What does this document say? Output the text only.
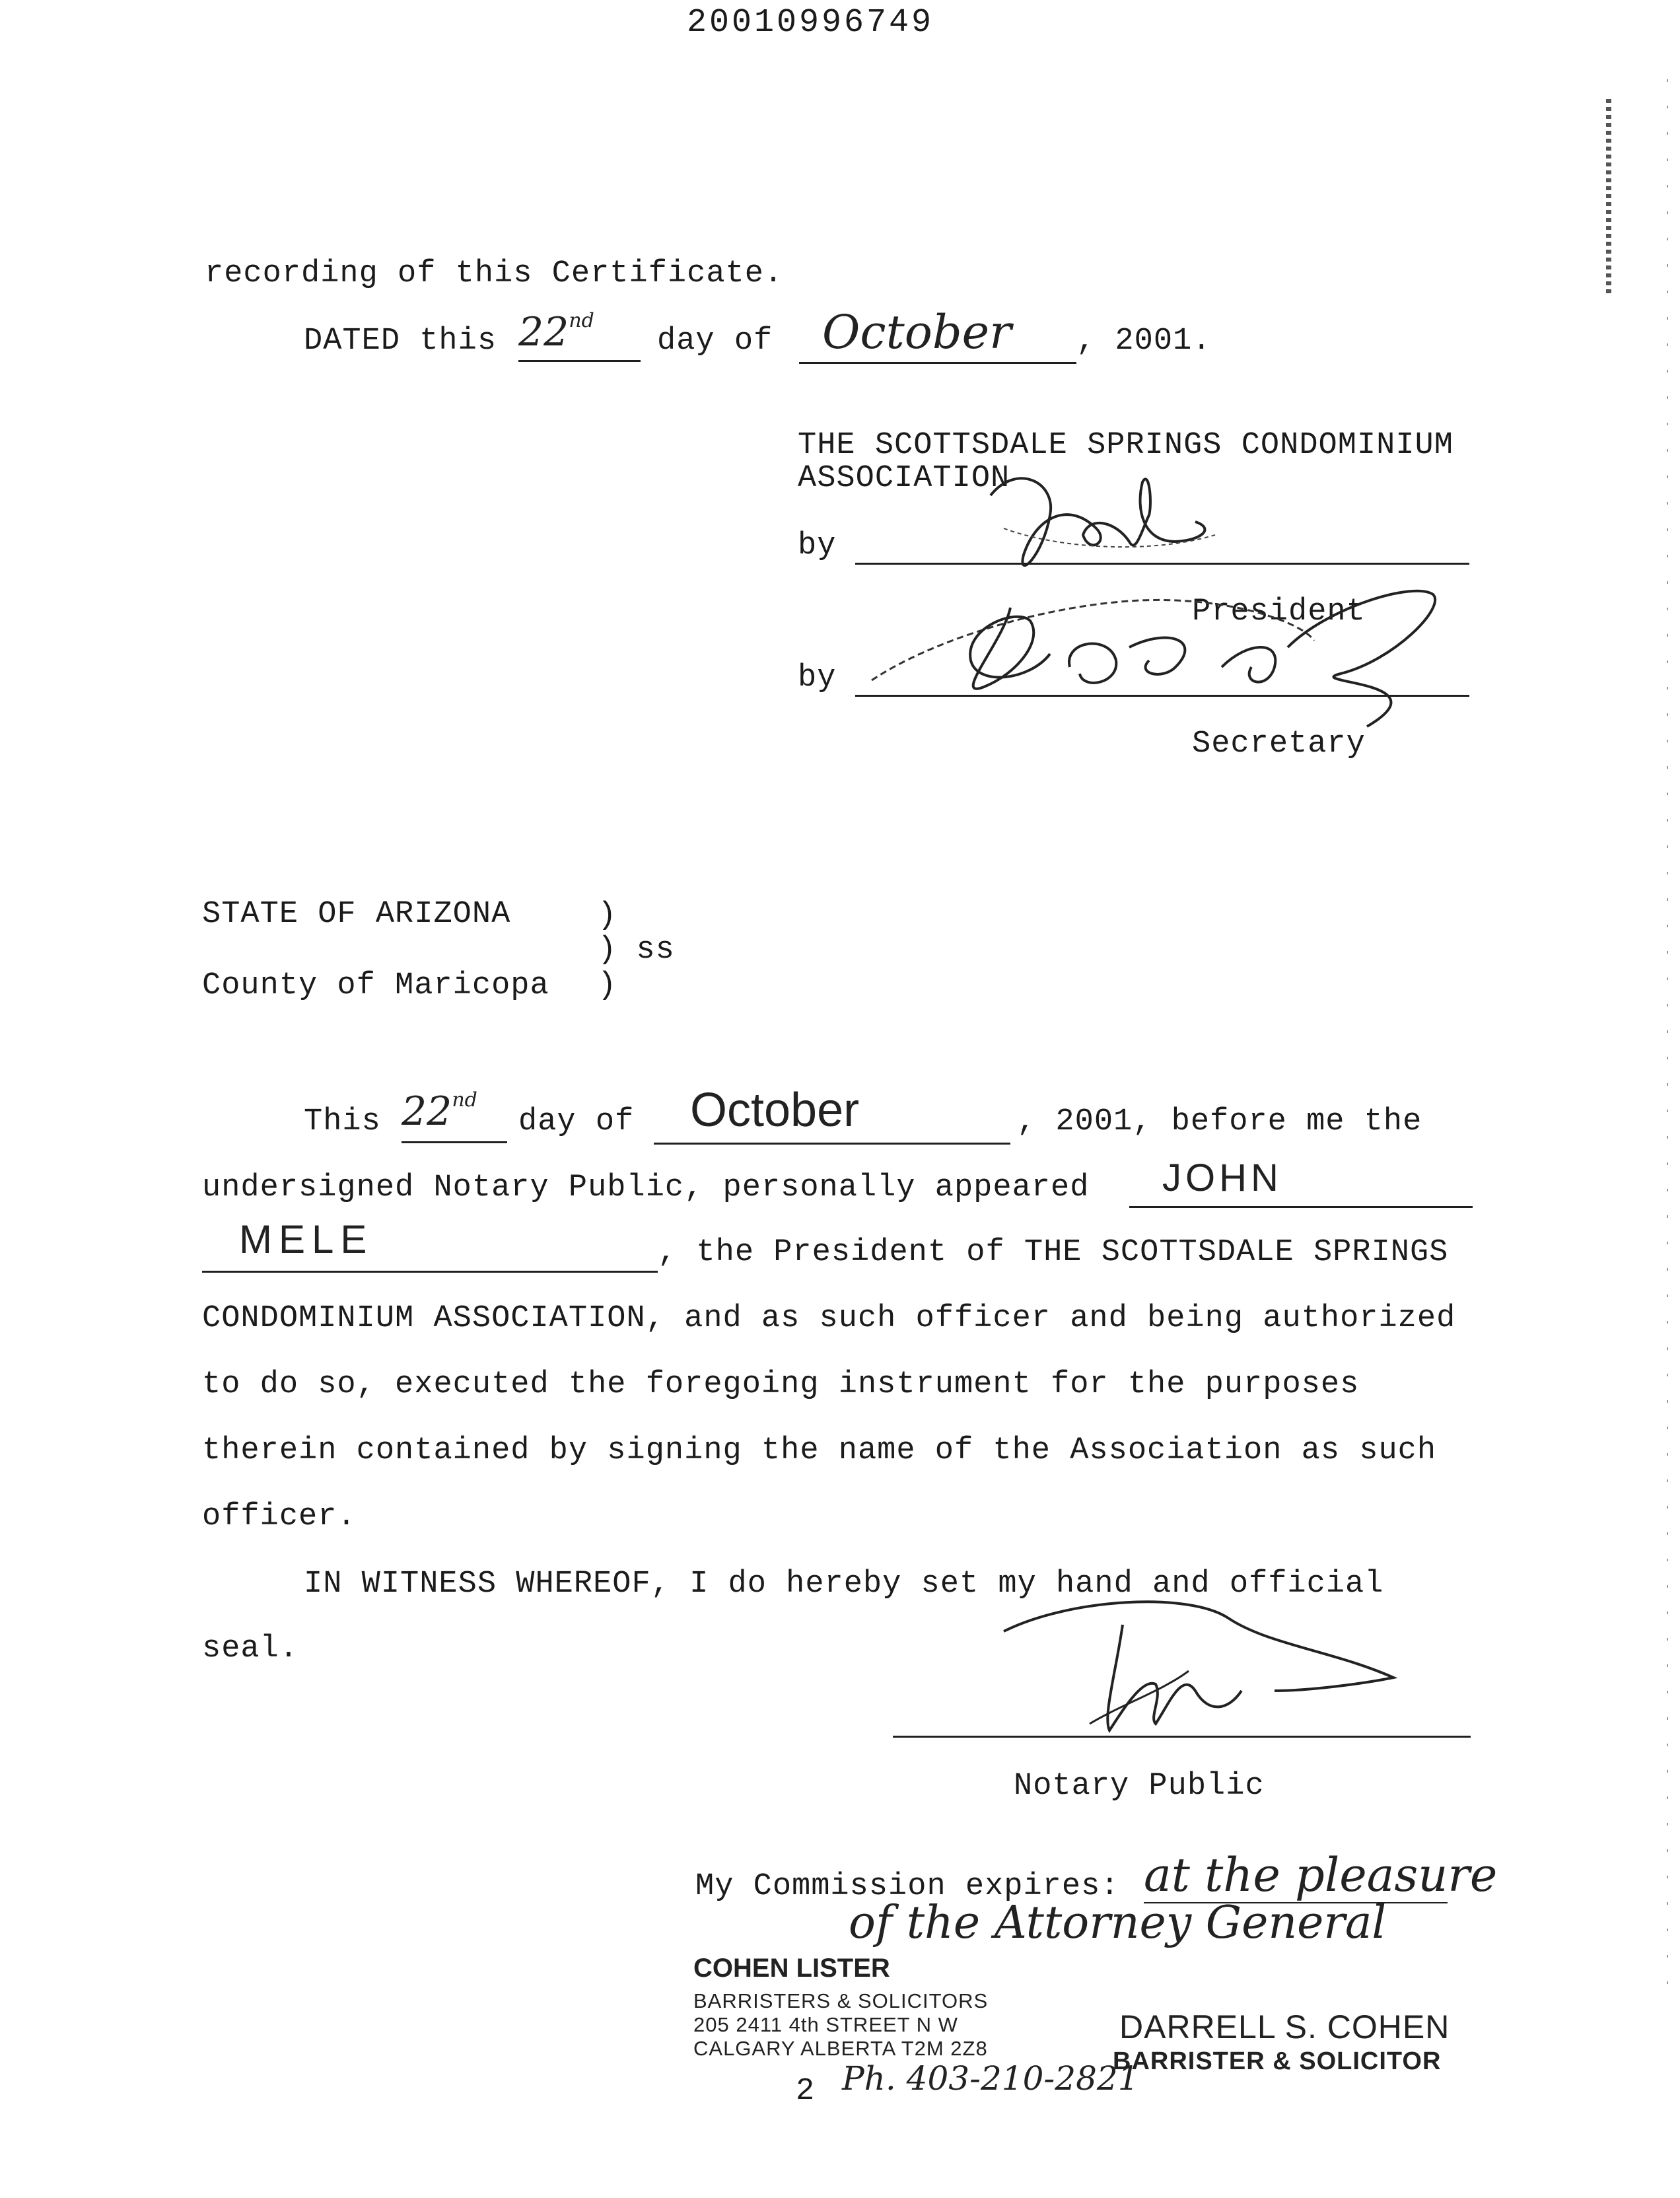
20010996749
recording of this Certificate.
DATED this 22nd
day of October , 2001.
THE SCOTTSDALE SPRINGS CONDOMINIUM
ASSOCIATION
by
President
by
Secretary
STATE OF ARIZONA	)
) ss
County of Maricopa )
This 22nd
day of October	, 2001, before me the
undersigned Notary Public, personally appeared JOHN
MELE	, the President of THE SCOTTSDALE SPRINGS
CONDOMINIUM ASSOCIATION, and as such officer and being authorized
to do so, executed the foregoing instrument for the purposes
therein contained by signing the name of the Association as such
officer.
IN WITNESS WHEREOF, I do hereby set my hand and official
seal.
Notary Public
My Commission expires: at the pleasure
of the Attorney General
COHEN LISTER
BARRISTERS & SOLICITORS
205 2411 4th STREET N W
CALGARY ALBERTA T2M 2Z8
DARRELL S. COHEN
BARRISTER & SOLICITOR
2 Ph. 403-210-2821
